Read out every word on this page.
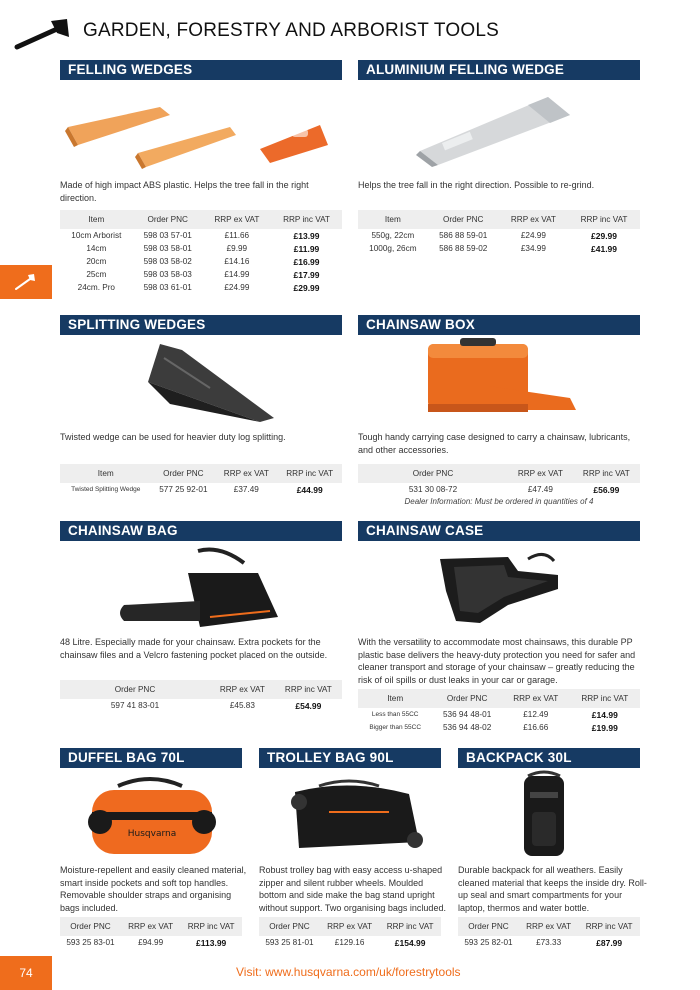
GARDEN, FORESTRY AND ARBORIST TOOLS
FELLING WEDGES
Made of high impact ABS plastic. Helps the tree fall in the right direction.
Item	Order PNC	RRP ex VAT	RRP inc VAT
10cm Arborist	598 03 57-01	£11.66	£13.99
14cm	598 03 58-01	£9.99	£11.99
20cm	598 03 58-02	£14.16	£16.99
25cm	598 03 58-03	£14.99	£17.99
24cm. Pro	598 03 61-01	£24.99	£29.99
ALUMINIUM FELLING WEDGE
Helps the tree fall in the right direction. Possible to re-grind.
Item	Order PNC	RRP ex VAT	RRP inc VAT
550g, 22cm	586 88 59-01	£24.99	£29.99
1000g, 26cm	586 88 59-02	£34.99	£41.99
SPLITTING WEDGES
Twisted wedge can be used for heavier duty log splitting.
Item	Order PNC	RRP ex VAT	RRP inc VAT
Twisted Splitting Wedge	577 25 92-01	£37.49	£44.99
CHAINSAW BOX
Tough handy carrying case designed to carry a chainsaw, lubricants, and other accessories.
Order PNC	RRP ex VAT	RRP inc VAT
531 30 08-72	£47.49	£56.99
Dealer Information: Must be ordered in quantities of 4
CHAINSAW BAG
48 Litre. Especially made for your chainsaw. Extra pockets for the chainsaw files and a Velcro fastening pocket placed on the outside.
Order PNC	RRP ex VAT	RRP inc VAT
597 41 83-01	£45.83	£54.99
CHAINSAW CASE
With the versatility to accommodate most chainsaws, this durable PP plastic base delivers the heavy-duty protection you need for safer and cleaner transport and storage of your chainsaw – greatly reducing the risk of oil spills or dust leaks in your car or garage.
Item	Order PNC	RRP ex VAT	RRP inc VAT
Less than 55CC	536 94 48-01	£12.49	£14.99
Bigger than 55CC	536 94 48-02	£16.66	£19.99
DUFFEL BAG 70L
Husqvarna
Moisture-repellent and easily cleaned material, smart inside pockets and soft top handles. Removable shoulder straps and organising bags included.
Order PNC	RRP ex VAT	RRP inc VAT
593 25 83-01	£94.99	£113.99
TROLLEY BAG 90L
Robust trolley bag with easy access u-shaped zipper and silent rubber wheels. Moulded bottom and side make the bag stand upright without support. Two organising bags included.
Order PNC	RRP ex VAT	RRP inc VAT
593 25 81-01	£129.16	£154.99
BACKPACK 30L
Durable backpack for all weathers. Easily cleaned material that keeps the inside dry. Roll-up seal and smart compartments for your laptop, thermos and water bottle.
Order PNC	RRP ex VAT	RRP inc VAT
593 25 82-01	£73.33	£87.99
74	Visit: www.husqvarna.com/uk/forestrytools
